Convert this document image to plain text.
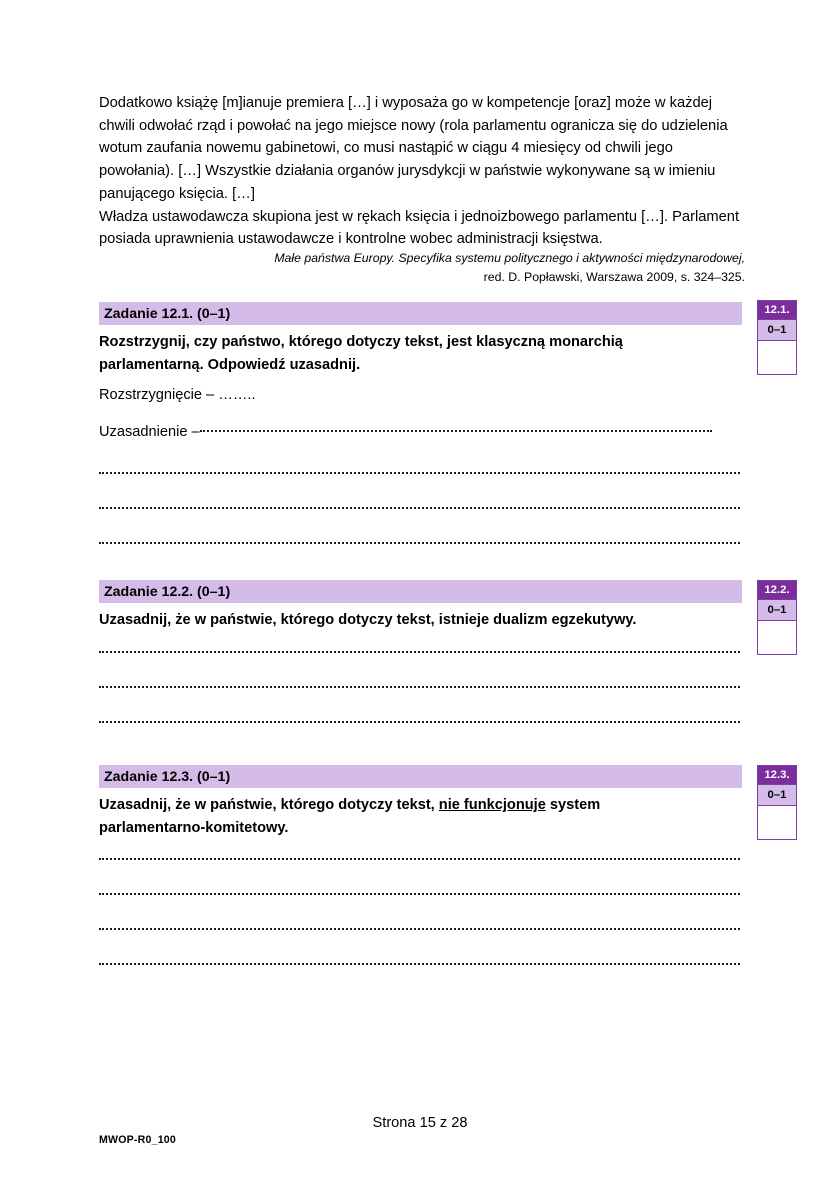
Dodatkowo książę [m]ianuje premiera […] i wyposaża go w kompetencje [oraz] może w każdej chwili odwołać rząd i powołać na jego miejsce nowy (rola parlamentu ogranicza się do udzielenia wotum zaufania nowemu gabinetowi, co musi nastąpić w ciągu 4 miesięcy od chwili jego powołania). […] Wszystkie działania organów jurysdykcji w państwie wykonywane są w imieniu panującego księcia. […]

Władza ustawodawcza skupiona jest w rękach księcia i jednoizbowego parlamentu […]. Parlament posiada uprawnienia ustawodawcze i kontrolne wobec administracji księstwa.

Małe państwa Europy. Specyfika systemu politycznego i aktywności międzynarodowej,
red. D. Popławski, Warszawa 2009, s. 324–325.
Zadanie 12.1. (0–1)
Rozstrzygnij, czy państwo, którego dotyczy tekst, jest klasyczną monarchią
parlamentarną. Odpowiedź uzasadnij.
Rozstrzygnięcie – ……..
Uzasadnienie –
12.1.
0–1
Zadanie 12.2. (0–1)
Uzasadnij, że w państwie, którego dotyczy tekst, istnieje dualizm egzekutywy.
12.2.
0–1
Zadanie 12.3. (0–1)
Uzasadnij, że w państwie, którego dotyczy tekst, nie funkcjonuje system
parlamentarno-komitetowy.
12.3.
0–1
Strona 15 z 28
MWOP-R0_100
